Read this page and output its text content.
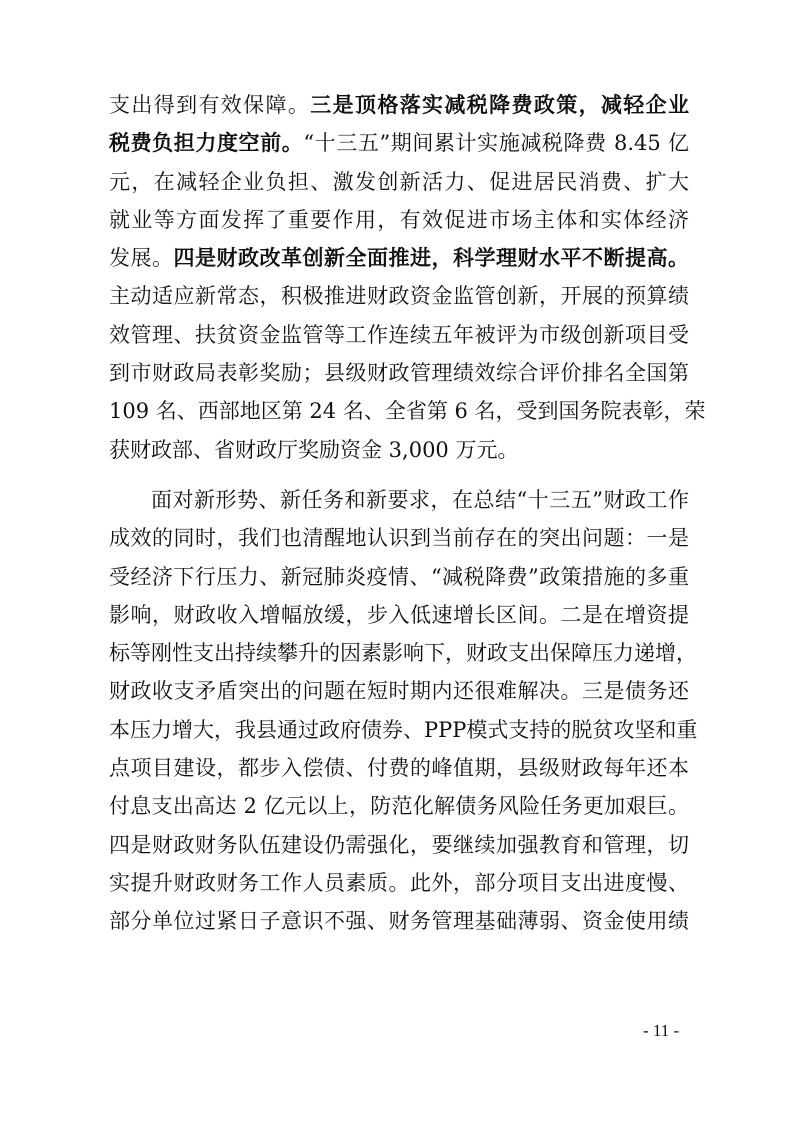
支出得到有效保障。三是顶格落实减税降费政策，减轻企业
税费负担力度空前。“十三五”期间累计实施减税降费 8.45 亿
元，在减轻企业负担、激发创新活力、促进居民消费、扩大
就业等方面发挥了重要作用，有效促进市场主体和实体经济
发展。四是财政改革创新全面推进，科学理财水平不断提高。
主动适应新常态，积极推进财政资金监管创新，开展的预算绩
效管理、扶贫资金监管等工作连续五年被评为市级创新项目受
到市财政局表彰奖励；县级财政管理绩效综合评价排名全国第
109 名、西部地区第 24 名、全省第 6 名，受到国务院表彰，荣
获财政部、省财政厅奖励资金 3,000 万元。
面对新形势、新任务和新要求，在总结“十三五”财政工作
成效的同时，我们也清醒地认识到当前存在的突出问题：一是
受经济下行压力、新冠肺炎疫情、“减税降费”政策措施的多重
影响，财政收入增幅放缓，步入低速增长区间。二是在增资提
标等刚性支出持续攀升的因素影响下，财政支出保障压力递增，
财政收支矛盾突出的问题在短时期内还很难解决。三是债务还
本压力增大，我县通过政府债券、PPP模式支持的脱贫攻坚和重
点项目建设，都步入偿债、付费的峰值期，县级财政每年还本
付息支出高达 2 亿元以上，防范化解债务风险任务更加艰巨。
四是财政财务队伍建设仍需强化，要继续加强教育和管理，切
实提升财政财务工作人员素质。此外，部分项目支出进度慢、
部分单位过紧日子意识不强、财务管理基础薄弱、资金使用绩
- 11 -
